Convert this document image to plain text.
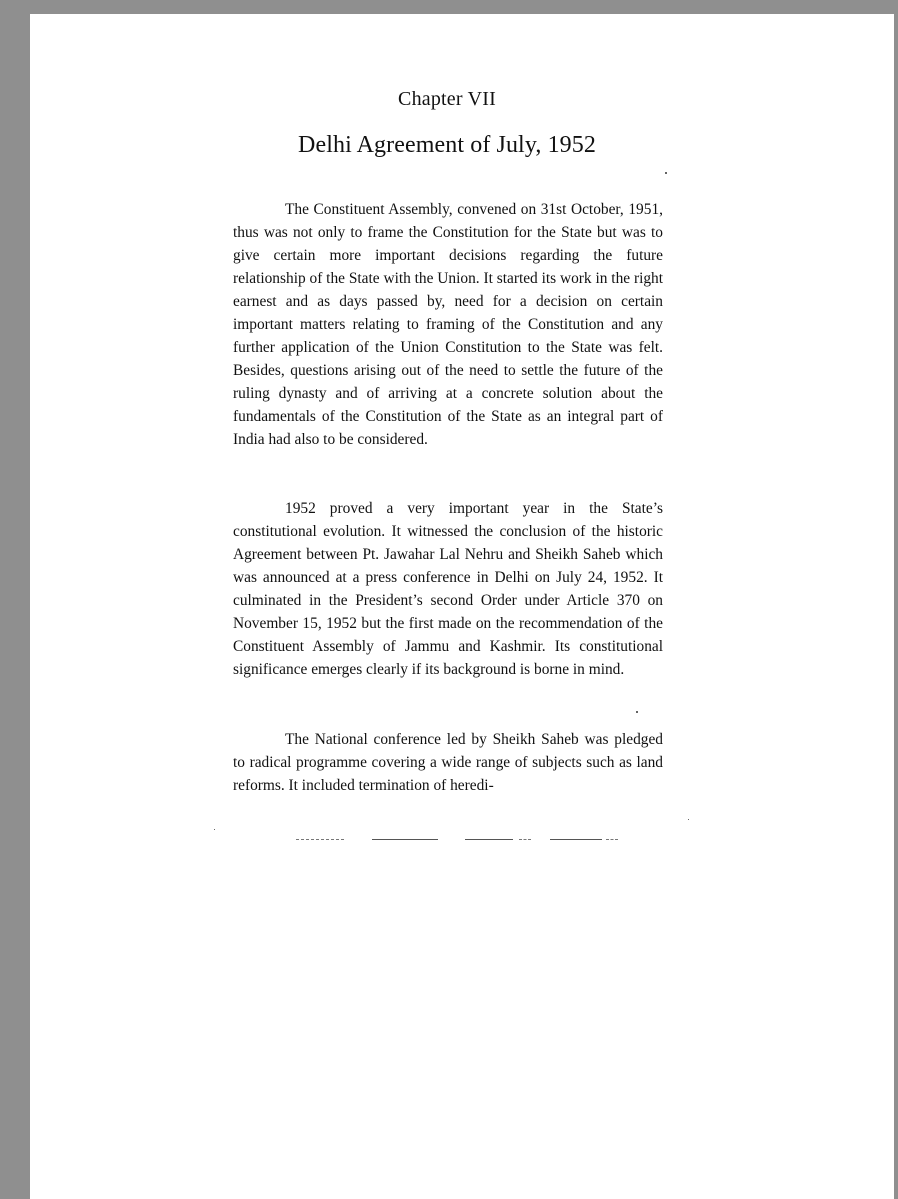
Chapter VII
Delhi Agreement of July, 1952

The Constituent Assembly, convened on 31st October, 1951, thus was not only to frame the Constitution for the State but was to give certain more important decisions regarding the future relationship of the State with the Union. It started its work in the right earnest and as days passed by, need for a decision on certain important matters relating to framing of the Constitution and any further application of the Union Constitution to the State was felt. Besides, questions arising out of the need to settle the future of the ruling dynasty and of arriving at a concrete solution about the fundamentals of the Constitution of the State as an integral part of India had also to be considered.

1952 proved a very important year in the State’s constitutional evolution. It witnessed the conclusion of the historic Agreement between Pt. Jawahar Lal Nehru and Sheikh Saheb which was announced at a press conference in Delhi on July 24, 1952. It culminated in the President’s second Order under Article 370 on November 15, 1952 but the first made on the recommendation of the Constituent Assembly of Jammu and Kashmir. Its constitutional significance emerges clearly if its background is borne in mind.

The National conference led by Sheikh Saheb was pledged to radical programme covering a wide range of subjects such as land reforms. It included termination of heredi-
